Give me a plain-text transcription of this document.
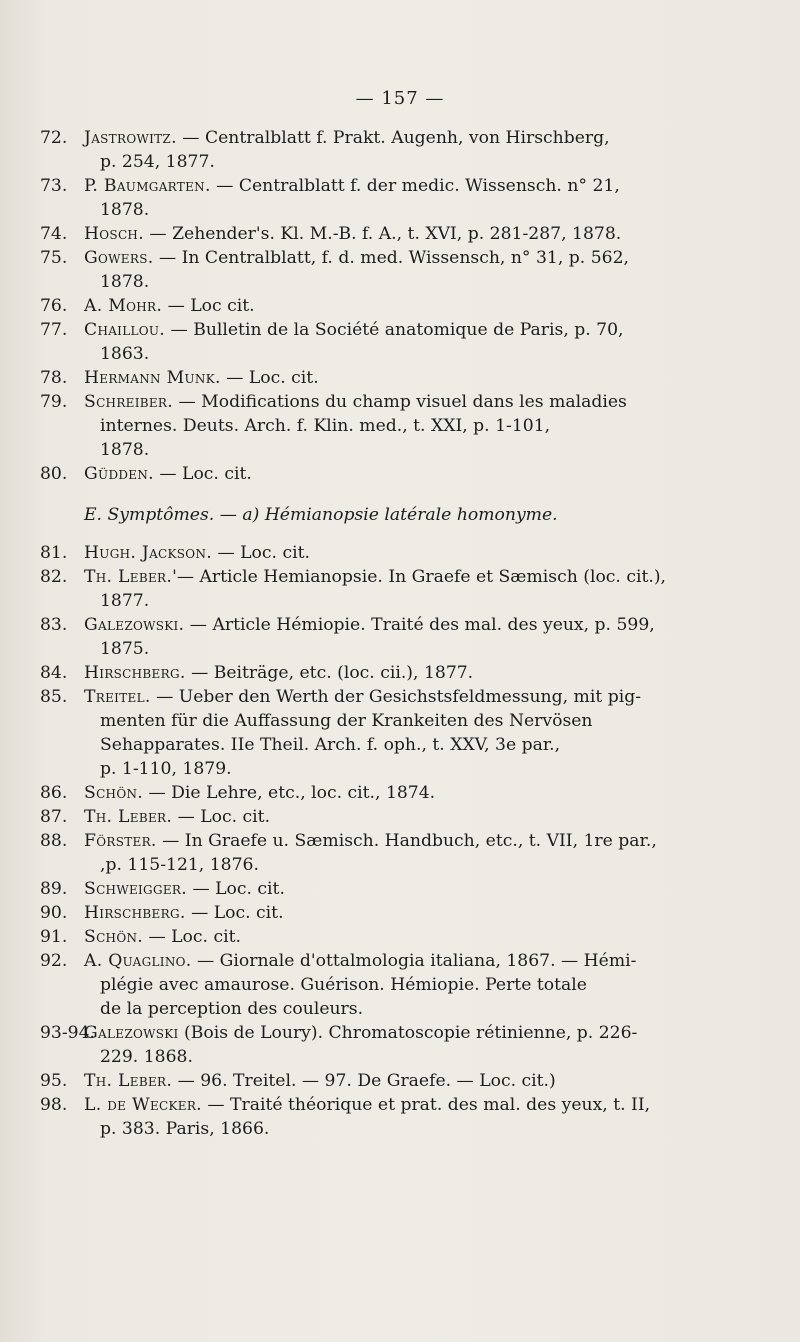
— 157 —
72. Jastrowitz. — Centralblatt f. Prakt. Augenh, von Hirschberg,
p. 254, 1877.
73. P. Baumgarten. — Centralblatt f. der medic. Wissensch. n° 21,
1878.
74. Hosch. — Zehender's. Kl. M.-B. f. A., t. XVI, p. 281-287, 1878.
75. Gowers. — In Centralblatt, f. d. med. Wissensch, n° 31, p. 562,
1878.
76. A. Mohr. — Loc cit.
77. Chaillou. — Bulletin de la Société anatomique de Paris, p. 70,
1863.
78. Hermann Munk. — Loc. cit.
79. Schreiber. — Modifications du champ visuel dans les maladies
internes. Deuts. Arch. f. Klin. med., t. XXI, p. 1-101,
1878.
80. Güdden. — Loc. cit.
E. Symptômes. — a) Hémianopsie latérale homonyme.
81. Hugh. Jackson. — Loc. cit.
82. Th. Leber.'— Article Hemianopsie. In Graefe et Sæmisch (loc. cit.),
1877.
83. Galezowski. — Article Hémiopie. Traité des mal. des yeux, p. 599,
1875.
84. Hirschberg. — Beiträge, etc. (loc. cii.), 1877.
85. Treitel. — Ueber den Werth der Gesichstsfeldmessung, mit pig-
menten für die Auffassung der Krankeiten des Nervösen
Sehapparates. IIe Theil. Arch. f. oph., t. XXV, 3e par.,
p. 1-110, 1879.
86. Schön. — Die Lehre, etc., loc. cit., 1874.
87. Th. Leber. — Loc. cit.
88. Förster. — In Graefe u. Sæmisch. Handbuch, etc., t. VII, 1re par.,
,p. 115-121, 1876.
89. Schweigger. — Loc. cit.
90. Hirschberg. — Loc. cit.
91. Schön. — Loc. cit.
92. A. Quaglino. — Giornale d'ottalmologia italiana, 1867. — Hémi-
plégie avec amaurose. Guérison. Hémiopie. Perte totale
de la perception des couleurs.
93-94.
Galezowski (Bois de Loury). Chromatoscopie rétinienne, p. 226-
229. 1868.
95. Th. Leber. — 96. Treitel. — 97. De Graefe. — Loc. cit.)
98. L. de Wecker. — Traité théorique et prat. des mal. des yeux, t. II,
p. 383. Paris, 1866.
